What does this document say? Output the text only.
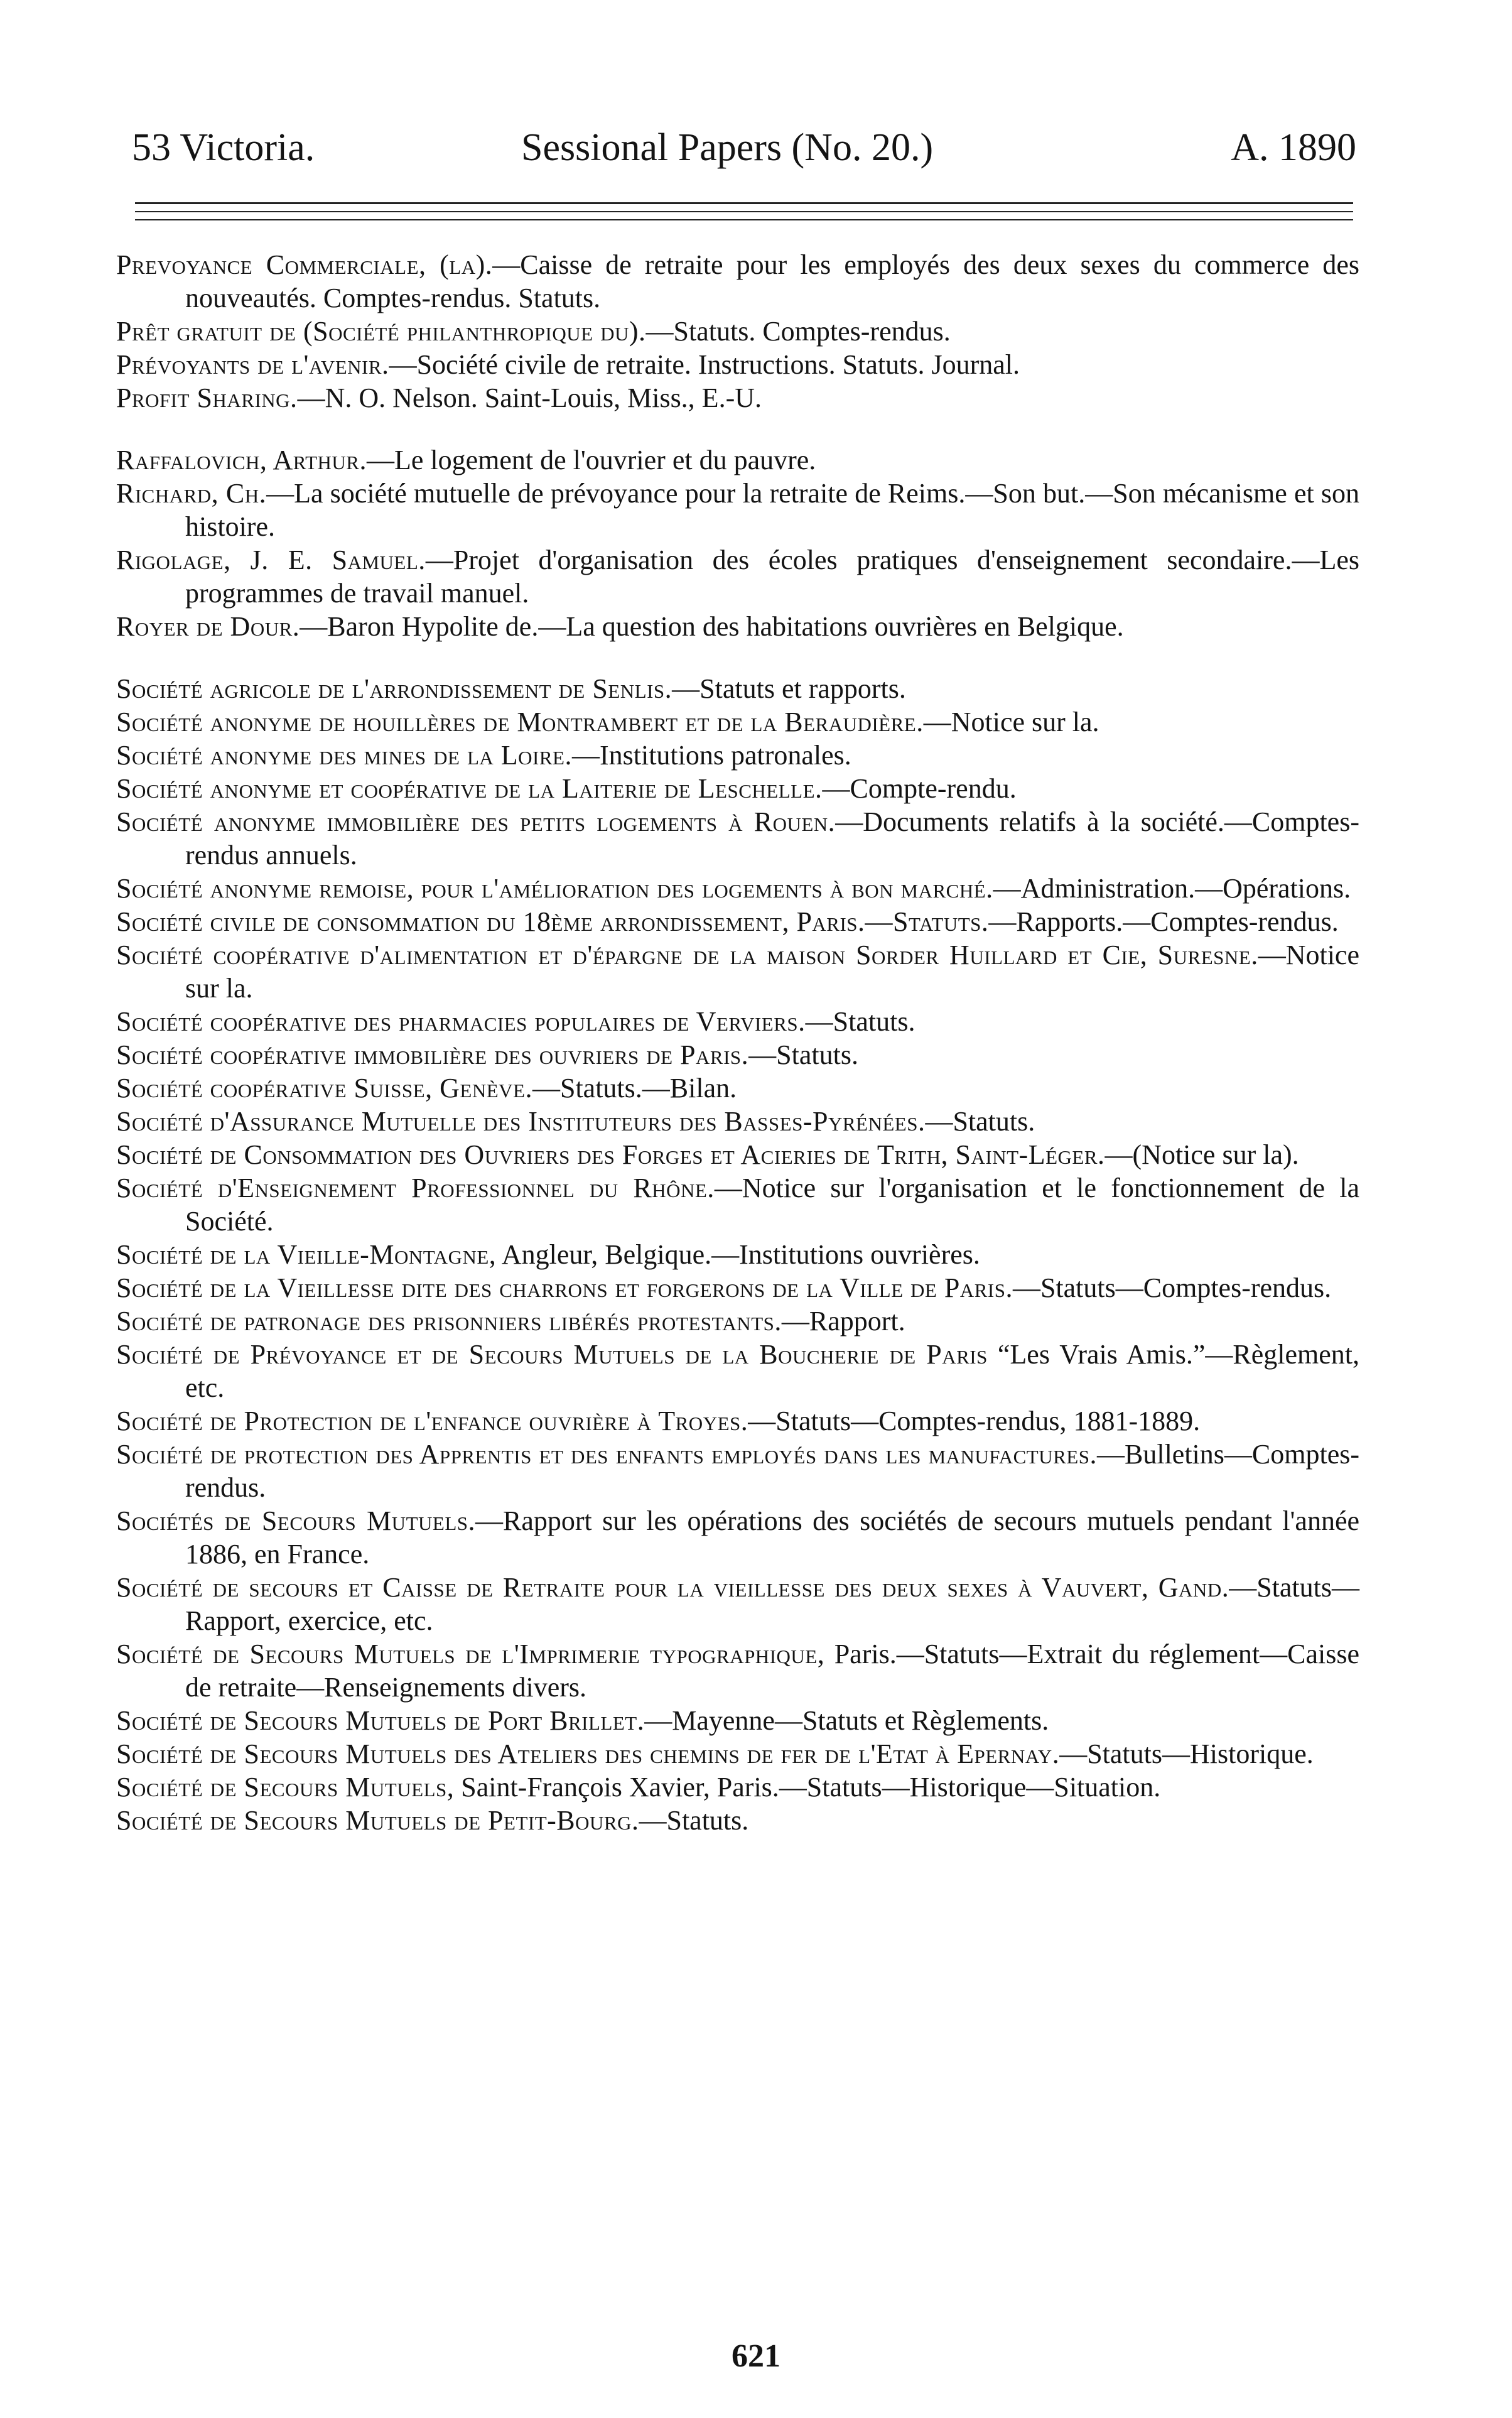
53 Victoria.	Sessional Papers (No. 20.)	A. 1890

Prevoyance Commerciale, (la).—Caisse de retraite pour les employés des deux sexes du commerce des nouveautés. Comptes-rendus. Statuts.

Prêt gratuit de (Société philanthropique du).—Statuts. Comptes-rendus.

Prévoyants de l'avenir.—Société civile de retraite. Instructions. Statuts. Journal.

Profit Sharing.—N. O. Nelson. Saint-Louis, Miss., E.-U.

Raffalovich, Arthur.—Le logement de l'ouvrier et du pauvre.

Richard, Ch.—La société mutuelle de prévoyance pour la retraite de Reims.—Son but.—Son mécanisme et son histoire.

Rigolage, J. E. Samuel.—Projet d'organisation des écoles pratiques d'enseignement secondaire.—Les programmes de travail manuel.

Royer de Dour.—Baron Hypolite de.—La question des habitations ouvrières en Belgique.

Société agricole de l'arrondissement de Senlis.—Statuts et rapports.

Société anonyme de houillères de Montrambert et de la Beraudière.—Notice sur la.

Société anonyme des mines de la Loire.—Institutions patronales.

Société anonyme et coopérative de la Laiterie de Leschelle.—Compte-rendu.

Société anonyme immobilière des petits logements à Rouen.—Documents relatifs à la société.—Comptes-rendus annuels.

Société anonyme remoise, pour l'amélioration des logements à bon marché.—Administration.—Opérations.

Société civile de consommation du 18ème arrondissement, Paris.—Statuts.—Rapports.—Comptes-rendus.

Société coopérative d'alimentation et d'épargne de la maison Sorder Huillard et Cie, Suresne.—Notice sur la.

Société coopérative des pharmacies populaires de Verviers.—Statuts.

Société coopérative immobilière des ouvriers de Paris.—Statuts.

Société coopérative Suisse, Genève.—Statuts.—Bilan.

Société d'Assurance Mutuelle des Instituteurs des Basses-Pyrénées.—Statuts.

Société de Consommation des Ouvriers des Forges et Acieries de Trith, Saint-Léger.—(Notice sur la).

Société d'Enseignement Professionnel du Rhône.—Notice sur l'organisation et le fonctionnement de la Société.

Société de la Vieille-Montagne, Angleur, Belgique.—Institutions ouvrières.

Société de la Vieillesse dite des charrons et forgerons de la Ville de Paris.—Statuts—Comptes-rendus.

Société de patronage des prisonniers libérés protestants.—Rapport.

Société de Prévoyance et de Secours Mutuels de la Boucherie de Paris “Les Vrais Amis.”—Règlement, etc.

Société de Protection de l'enfance ouvrière à Troyes.—Statuts—Comptes-rendus, 1881-1889.

Société de protection des Apprentis et des enfants employés dans les manufactures.—Bulletins—Comptes-rendus.

Sociétés de Secours Mutuels.—Rapport sur les opérations des sociétés de secours mutuels pendant l'année 1886, en France.

Société de secours et Caisse de Retraite pour la vieillesse des deux sexes à Vauvert, Gand.—Statuts—Rapport, exercice, etc.

Société de Secours Mutuels de l'Imprimerie typographique, Paris.—Statuts—Extrait du réglement—Caisse de retraite—Renseignements divers.

Société de Secours Mutuels de Port Brillet.—Mayenne—Statuts et Règlements.

Société de Secours Mutuels des Ateliers des chemins de fer de l'Etat à Epernay.—Statuts—Historique.

Société de Secours Mutuels, Saint-François Xavier, Paris.—Statuts—Historique—Situation.

Société de Secours Mutuels de Petit-Bourg.—Statuts.

621
